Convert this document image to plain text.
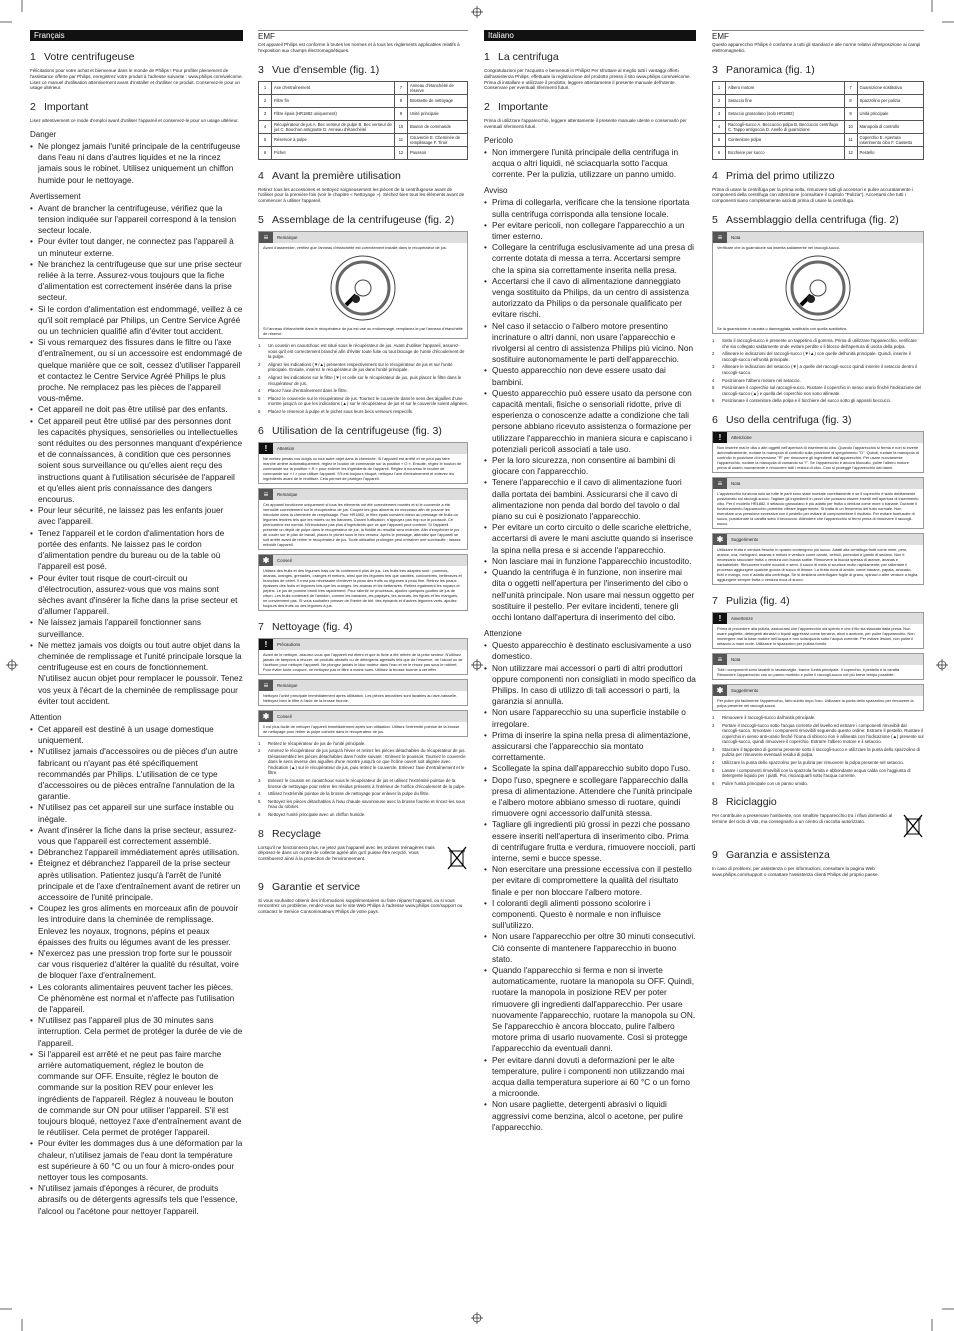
Français
1 Votre centrifugeuse

Félicitations pour votre achat et bienvenue dans le monde de Philips ! Pour profiter pleinement de l'assistance offerte par Philips, enregistrez votre produit à l'adresse suivante : www.philips.com/welcome. Lisez ce manuel d'utilisation attentivement avant d'installer et d'utiliser ce produit. Conservez-le pour un usage ultérieur.

2 Important

Lisez attentivement ce mode d'emploi avant d'utiliser l'appareil et conservez-le pour un usage ultérieur.

Danger
• Ne plongez jamais l'unité principale de la centrifugeuse dans l'eau ni dans d'autres liquides et ne la rincez jamais sous le robinet. Utilisez uniquement un chiffon humide pour le nettoyage.
Avertissement
• Avant de brancher la centrifugeuse, vérifiez que la tension indiquée sur l'appareil correspond à la tension secteur locale.
• Pour éviter tout danger, ne connectez pas l'appareil à un minuteur externe.
• Ne branchez la centrifugeuse que sur une prise secteur reliée à la terre. Assurez-vous toujours que la fiche d'alimentation est correctement insérée dans la prise secteur.
• Si le cordon d'alimentation est endommagé, veillez à ce qu'il soit remplacé par Philips, un Centre Service Agréé ou un technicien qualifié afin d'éviter tout accident.
• Si vous remarquez des fissures dans le filtre ou l'axe d'entraînement, ou si un accessoire est endommagé de quelque manière que ce soit, cessez d'utiliser l'appareil et contactez le Centre Service Agréé Philips le plus proche. Ne remplacez pas les pièces de l'appareil vous-même.
• Cet appareil ne doit pas être utilisé par des enfants.
• Cet appareil peut être utilisé par des personnes dont les capacités physiques, sensorielles ou intellectuelles sont réduites ou des personnes manquant d'expérience et de connaissances, à condition que ces personnes soient sous surveillance ou qu'elles aient reçu des instructions quant à l'utilisation sécurisée de l'appareil et qu'elles aient pris connaissance des dangers encourus.
• Pour leur sécurité, ne laissez pas les enfants jouer avec l'appareil.
• Tenez l'appareil et le cordon d'alimentation hors de portée des enfants. Ne laissez pas le cordon d'alimentation pendre du bureau ou de la table où l'appareil est posé.
• Pour éviter tout risque de court-circuit ou d'électrocution, assurez-vous que vos mains sont sèches avant d'insérer la fiche dans la prise secteur et d'allumer l'appareil.
• Ne laissez jamais l'appareil fonctionner sans surveillance.
• Ne mettez jamais vos doigts ou tout autre objet dans la cheminée de remplissage et l'unité principale lorsque la centrifugeuse est en cours de fonctionnement. N'utilisez aucun objet pour remplacer le poussoir. Tenez vos yeux à l'écart de la cheminée de remplissage pour éviter tout accident.
Attention
• Cet appareil est destiné à un usage domestique uniquement.
• N'utilisez jamais d'accessoires ou de pièces d'un autre fabricant ou n'ayant pas été spécifiquement recommandés par Philips. L'utilisation de ce type d'accessoires ou de pièces entraîne l'annulation de la garantie.
• N'utilisez pas cet appareil sur une surface instable ou inégale.
• Avant d'insérer la fiche dans la prise secteur, assurez-vous que l'appareil est correctement assemblé.
• Débranchez l'appareil immédiatement après utilisation.
• Éteignez et débranchez l'appareil de la prise secteur après utilisation. Patientez jusqu'à l'arrêt de l'unité principale et de l'axe d'entraînement avant de retirer un accessoire de l'unité principale.
• Coupez les gros aliments en morceaux afin de pouvoir les introduire dans la cheminée de remplissage. Enlevez les noyaux, trognons, pépins et peaux épaisses des fruits ou légumes avant de les presser.
• N'exercez pas une pression trop forte sur le poussoir car vous risqueriez d'altérer la qualité du résultat, voire de bloquer l'axe d'entraînement.
• Les colorants alimentaires peuvent tacher les pièces. Ce phénomène est normal et n'affecte pas l'utilisation de l'appareil.
• N'utilisez pas l'appareil plus de 30 minutes sans interruption. Cela permet de protéger la durée de vie de l'appareil.
• Si l'appareil est arrêté et ne peut pas faire marche arrière automatiquement, réglez le bouton de commande sur OFF. Ensuite, réglez le bouton de commande sur la position REV pour enlever les ingrédients de l'appareil. Réglez à nouveau le bouton de commande sur ON pour utiliser l'appareil. S'il est toujours bloqué, nettoyez l'axe d'entraînement avant de le réutiliser. Cela permet de protéger l'appareil.
• Pour éviter les dommages dus à une déformation par la chaleur, n'utilisez jamais de l'eau dont la température est supérieure à 60 °C ou un four à micro-ondes pour nettoyer tous les composants.
• N'utilisez jamais d'éponges à récurer, de produits abrasifs ou de détergents agressifs tels que l'essence, l'alcool ou l'acétone pour nettoyer l'appareil.
EMF

Cet appareil Philips est conforme à toutes les normes et à tous les règlements applicables relatifs à l'exposition aux champs électromagnétiques.

3 Vue d'ensemble (fig. 1)
1	Axe d'entraînement	7	Anneau d'étanchéité de réserve
2	Filtre fin	8	Brossette de nettoyage
3	Filtre épais (HR1882 uniquement)	9	Unité principale
4	Récupérateur de jus A. Bec verseur de pulpe B. Bec verseur de jus C. Bouchon antigoutte D. Anneau d'étanchéité	10	Bouton de commande
5	Réservoir à pulpe	11	Couvercle E. Cheminée de remplissage F. Tiroir
6	Pichet	12	Poussoir
4 Avant la première utilisation

Retirez tous les accessoires et nettoyez soigneusement les pièces de la centrifugeuse avant de l'utiliser pour la première fois (voir le chapitre « Nettoyage »). Séchez bien tous les éléments avant de commencer à utiliser l'appareil.

5 Assemblage de la centrifugeuse (fig. 2)
≡	Remarque
Avant d'assembler, vérifiez que l'anneau d'étanchéité est correctement installé dans le récupérateur de jus.
Si l'anneau d'étanchéité dans le récupérateur de jus est usé ou endommagé, remplacez-le par l'anneau d'étanchéité de réserve.
1 Un coussin en caoutchouc est situé sous le récupérateur de jus. Avant d'utiliser l'appareil, assurez-vous qu'il est correctement branché afin d'éviter toute fuite ou tout blocage de l'unité d'écoulement de la pulpe.
2 Alignez les indications (▼/▲) présentes respectivement sur le récupérateur de jus et sur l'unité principale. Ensuite, insérez le récupérateur de jus dans l'unité principale.
3 Alignez les indications sur le filtre (▼) et celle sur le récupérateur de jus, puis placez le filtre dans le récupérateur de jus.
4 Placez l'axe d'entraînement dans le filtre.
5 Placez le couvercle sur le récupérateur de jus. Tournez le couvercle dans le sens des aiguilles d'une montre jusqu'à ce que les indications (▲) sur le récupérateur de jus et sur le couvercle soient alignées.
6 Placez le réservoir à pulpe et le pichet sous leurs becs verseurs respectifs.
6 Utilisation de la centrifugeuse (fig. 3)
!	Attention
Ne mettez jamais vos doigts ou tout autre objet dans la cheminée. Si l'appareil est arrêté et ne peut pas faire marche arrière automatiquement, réglez le bouton de commande sur la position « O ». Ensuite, réglez le bouton de commande sur la position « R » pour enlever les ingrédients de l'appareil. Réglez à nouveau le bouton de commande sur « I » pour utiliser l'appareil. S'il est toujours bloqué, nettoyez l'axe d'entraînement et enlevez les ingrédients avant de le réutiliser. Cela permet de protéger l'appareil.
≡	Remarque
Cet appareil fonctionne uniquement si tous les éléments ont été correctement montés et si le couvercle a été verrouillé correctement sur le récupérateur de jus. Coupez les gros aliments en morceaux afin de pouvoir les introduire dans la cheminée de remplissage. Pour HR1882, le filtre épais convient mieux au pressage de fruits ou légumes tendres tels que les mûres ou les bananes. Durant l'utilisation, n'appuyez pas trop sur le poussoir. Ce phénomène est normal. N'introduisez pas plus d'ingrédients que ce que l'appareil peut contenir. Si l'appareil présente un dépôt de pulpe dans le récupérateur de jus, la fluidité du résultat sera moindre. Afin d'empêcher le jus de couler sur le plan de travail, placez le pichet sous le bec verseur. Après le pressage, attendez que l'appareil se soit arrêté avant de retirer le récupérateur de jus. Toute utilisation prolongée peut entraîner une surchauffe ; laissez refroidir l'appareil.
✱	Conseil
Utilisez des fruits et des légumes frais car ils contiennent plus de jus. Les fruits très adaptés sont : pommes, ananas, oranges, grenades, oranges et melons, ainsi que les légumes tels que carottes, concombres, betteraves et branches de céleri. Il n'est pas nécessaire d'enlever la peau des fruits ou légumes à peau fine. Retirez les peaux épaisses des fruits et légumes tels que les oranges, les ananas et les betteraves. Retirez également les noyaux et pépins. Le jus de pomme brunit très rapidement. Pour ralentir ce processus, ajoutez quelques gouttes de jus de citron. Les fruits contenant de l'amidon, comme les bananes, les papayes, les avocats, les figues et les mangues, ne conviennent pas. Si vous souhaitez presser de l'herbe de blé, des épinards et d'autres légumes verts, ajoutez toujours des fruits ou des légumes à jus.
7 Nettoyage (fig. 4)
!	Précautions
Avant de le nettoyer, assurez-vous que l'appareil est éteint et que la fiche a été retirée de la prise secteur. N'utilisez jamais de tampons à récurer, de produits abrasifs ou de détergents agressifs tels que de l'essence, de l'alcool ou de l'acétone pour nettoyer l'appareil. Ne plongez jamais le bloc moteur dans l'eau et ne le rincez pas sous le robinet. Pour éviter toute coupure, ne nettoyez pas le filtre à mains nues. Utilisez la brosse fournie à cet effet.
≡	Remarque
Nettoyez l'unité principale immédiatement après utilisation. Les pièces amovibles sont lavables au lave-vaisselle. Nettoyez bien le filtre à l'aide de la brosse fournie.
✱	Conseil
Il est plus facile de nettoyer l'appareil immédiatement après son utilisation. Utilisez l'extrémité pointue de la brosse de nettoyage pour retirer la pulpe coincée dans le récupérateur de jus.
1 Retirez le récupérateur de jus de l'unité principale.
2 Amenez le récupérateur de jus jusqu'à l'évier et retirez les pièces détachables du récupérateur de jus. Désassemblez les pièces détachables dans l'ordre suivant : Enlevez le poussoir. Tournez le couvercle dans le sens inverse des aiguilles d'une montre jusqu'à ce que l'icône ouvert soit alignée avec l'indication (▲) sur le récupérateur de jus, puis retirez le couvercle. Enlevez l'axe d'entraînement et le filtre.
3 Enlevez le coussin en caoutchouc sous le récupérateur de jus et utilisez l'extrémité pointue de la brosse de nettoyage pour retirer les résidus présents à l'intérieur de l'orifice d'écoulement de la pulpe.
4 Utilisez l'extrémité pointue de la brosse de nettoyage pour enlever la pulpe du filtre.
5 Nettoyez les pièces détachables à l'eau chaude savonneuse avec la brosse fournie et rincez-les sous l'eau du robinet.
6 Nettoyez l'unité principale avec un chiffon humide.
8 Recyclage

Lorsqu'il ne fonctionnera plus, ne jetez pas l'appareil avec les ordures ménagères mais déposez-le dans un centre de collecte agréé afin qu'il puisse être recyclé. Vous contribuerez ainsi à la protection de l'environnement.

9 Garantie et service

Si vous souhaitez obtenir des informations supplémentaires ou faire réparer l'appareil, ou si vous rencontrez un problème, rendez-vous sur le site Web Philips à l'adresse www.philips.com/support ou contactez le Service Consommateurs Philips de votre pays.

Italiano
1 La centrifuga

Congratulazioni per l'acquisto e benvenuti in Philips! Per sfruttare al meglio tutti i vantaggi offerti dall'assistenza Philips, effettuate la registrazione del prodotto presso il sito www.philips.com/welcome. Prima di installare e utilizzare il prodotto, leggere attentamente il presente manuale dell'utente. Conservare per eventuali riferimenti futuri.

2 Importante

Prima di utilizzare l'apparecchio, leggere attentamente il presente manuale utente e conservarlo per eventuali riferimenti futuri.

Pericolo
• Non immergere l'unità principale della centrifuga in acqua o altri liquidi, né sciacquarla sotto l'acqua corrente. Per la pulizia, utilizzare un panno umido.
Avviso
• Prima di collegarla, verificare che la tensione riportata sulla centrifuga corrisponda alla tensione locale.
• Per evitare pericoli, non collegare l'apparecchio a un timer esterno.
• Collegare la centrifuga esclusivamente ad una presa di corrente dotata di messa a terra. Accertarsi sempre che la spina sia correttamente inserita nella presa.
• Accertarsi che il cavo di alimentazione danneggiato venga sostituito da Philips, da un centro di assistenza autorizzato da Philips o da personale qualificato per evitare rischi.
• Nel caso il setaccio o l'albero motore presentino incrinature o altri danni, non usare l'apparecchio e rivolgersi al centro di assistenza Philips più vicino. Non sostituire autonomamente le parti dell'apparecchio.
• Questo apparecchio non deve essere usato dai bambini.
• Questo apparecchio può essere usato da persone con capacità mentali, fisiche o sensoriali ridotte, prive di esperienza o conoscenze adatte a condizione che tali persone abbiano ricevuto assistenza o formazione per utilizzare l'apparecchio in maniera sicura e capiscano i potenziali pericoli associati a tale uso.
• Per la loro sicurezza, non consentire ai bambini di giocare con l'apparecchio.
• Tenere l'apparecchio e il cavo di alimentazione fuori dalla portata dei bambini. Assicurarsi che il cavo di alimentazione non penda dal bordo del tavolo o dal piano su cui è posizionato l'apparecchio.
• Per evitare un corto circuito o delle scariche elettriche, accertarsi di avere le mani asciutte quando si inserisce la spina nella presa e si accende l'apparecchio.
• Non lasciare mai in funzione l'apparecchio incustodito.
• Quando la centrifuga è in funzione, non inserire mai dita o oggetti nell'apertura per l'inserimento del cibo o nell'unità principale. Non usare mai nessun oggetto per sostituire il pestello. Per evitare incidenti, tenere gli occhi lontano dall'apertura di inserimento del cibo.
Attenzione
• Questo apparecchio è destinato esclusivamente a uso domestico.
• Non utilizzare mai accessori o parti di altri produttori oppure componenti non consigliati in modo specifico da Philips. In caso di utilizzo di tali accessori o parti, la garanzia si annulla.
• Non usare l'apparecchio su una superficie instabile o irregolare.
• Prima di inserire la spina nella presa di alimentazione, assicurarsi che l'apparecchio sia montato correttamente.
• Scollegate la spina dall'apparecchio subito dopo l'uso.
• Dopo l'uso, spegnere e scollegare l'apparecchio dalla presa di alimentazione. Attendere che l'unità principale e l'albero motore abbiano smesso di ruotare, quindi rimuovere ogni accessorio dall'unità stessa.
• Tagliare gli ingredienti più grossi in pezzi che possano essere inseriti nell'apertura di inserimento cibo. Prima di centrifugare frutta e verdura, rimuovere noccioli, parti interne, semi e bucce spesse.
• Non esercitare una pressione eccessiva con il pestello per evitare di compromettere la qualità del risultato finale e per non bloccare l'albero motore.
• I coloranti degli alimenti possono scolorire i componenti. Questo è normale e non influisce sull'utilizzo.
• Non usare l'apparecchio per oltre 30 minuti consecutivi. Ciò consente di mantenere l'apparecchio in buono stato.
• Quando l'apparecchio si ferma e non si inverte automaticamente, ruotare la manopola su OFF. Quindi, ruotare la manopola in posizione REV per poter rimuovere gli ingredienti dall'apparecchio. Per usare nuovamente l'apparecchio, ruotare la manopola su ON. Se l'apparecchio è ancora bloccato, pulire l'albero motore prima di usarlo nuovamente. Così si protegge l'apparecchio da eventuali danni.
• Per evitare danni dovuti a deformazioni per le alte temperature, pulire i componenti non utilizzando mai acqua dalla temperatura superiore ai 60 °C o un forno a microonde.
• Non usare pagliette, detergenti abrasivi o liquidi aggressivi come benzina, alcol o acetone, per pulire l'apparecchio.
EMF

Questo apparecchio Philips è conforme a tutti gli standard e alle norme relativi all'esposizione ai campi elettromagnetici.

3 Panoramica (fig. 1)
1	Albero motore	7	Guarnizione sostitutiva
2	Setaccio fine	8	Spazzolino per pulizia
3	Setaccio grossolano (solo HR1882)	9	Unità principale
4	Raccogli-succo A. Beccuccio polpa B. Beccuccio centrifuga C. Tappo antigoccia D. Anello di guarnizione	10	Manopola di controllo
5	Contenitore polpa	11	Coperchio E. Apertura inserimento cibo F. Cassetto
6	Bicchiere per succo	12	Pestello
4 Prima del primo utilizzo

Prima di usare la centrifuga per la prima volta, rimuovere tutti gli accessori e pulire accuratamente i componenti della centrifuga con attenzione (consultare il capitolo "Pulizia"). Accertarsi che tutti i componenti siano completamente asciutti prima di usare la centrifuga.

5 Assemblaggio della centrifuga (fig. 2)
≡	Nota
Verificare che la guarnizione sia inserita saldamente nel raccogli-succo.
Se la guarnizione è usurata o danneggiata, sostituirla con quella sostitutiva.
1 Sotto il raccogli-succo è presente un tappetino di gomma. Prima di utilizzare l'apparecchio, verificare che sia collegato saldamente onde evitare perdite o il blocco dell'apertura di uscita della polpa.
2 Allineare le indicazioni del raccogli-succo (▼/▲) con quelle dell'unità principale. Quindi, inserire il raccogli-succo nell'unità principale.
3 Allineare le indicazioni del setaccio (▼) a quelle del raccogli-succo quindi inserire il setaccio dentro il raccogli-succo.
4 Posizionare l'albero motore nel setaccio.
5 Posizionare il coperchio sul raccogli-succo. Ruotare il coperchio in senso orario finché l'indicazione del raccogli-succo (▲) e quella del coperchio non sono allineate.
6 Posizionare il contenitore della polpa e il bicchiere del succo sotto gli appositi beccucci.
6 Uso della centrifuga (fig. 3)
!	Attenzione
Non inserire mai le dita o altri oggetti nell'apertura di inserimento cibo. Quando l'apparecchio si ferma e non si inverte automaticamente, ruotare la manopola di controllo sulla posizione di spegnimento "O". Quindi, ruotare la manopola di controllo in posizione di inversione "R" per rimuovere gli ingredienti dall'apparecchio. Per usare nuovamente l'apparecchio, ruotare la manopola di comando su "I". Se l'apparecchio è ancora bloccato, pulire l'albero motore prima di usarlo nuovamente e rimuovere tutti i residui di cibo. Così si protegge l'apparecchio dai danni.
≡	Nota
L'apparecchio funziona solo se tutte le parti sono state montate correttamente e se il coperchio è stato debitamente posizionato sul raccogli-succo. Tagliare gli ingredienti in pezzi che possano essere inseriti nell'apertura di inserimento cibo. Per il modello HR1882, il setaccio grossolano è più adatto per frutta o verdura come more o banane. Durante il funzionamento l'apparecchio potrebbe vibrare leggermente. Si tratta di un fenomeno del tutto normale. Non esercitare una pressione eccessiva con il pestello per evitare di compromettere il risultato. Per evitare fuoriuscite di succo, posizionare la caraffa sotto il beccuccio. Attendere che l'apparecchio si fermi prima di rimuovere il raccogli-succo.
✱	Suggerimento
Utilizzare frutta e verdura fresche in quanto contengono più succo. Adatti alla centrifuga frutti come mele, pere, arance, uva, melograni, ananas e meloni e verdure come carote, cetrioli, pomodori e gambi di sedano. Non è necessario sbucciare frutta o verdura con buccia sottile. Rimuovere la buccia spessa di arance, ananas e barbabietole. Rimuovere inoltre noccioli e semi. Il succo di mela si scurisce molto rapidamente; per rallentare il processo aggiungere qualche goccia di succo di limone. La frutta ricca di amido, come banane, papaia, avocado, fichi e mango, non è adatta alla centrifuga. Se si desidera centrifugare foglie di grano, spinaci o altre verdure a foglia, aggiungere sempre frutta o verdura ricca di succo.
7 Pulizia (fig. 4)
!	Avvertenze
Prima di procedere alla pulizia, assicurarsi che l'apparecchio sia spento e che il filo sia staccato dalla presa. Non usare pagliette, detergenti abrasivi o liquidi aggressivi come benzina, alcol o acetone, per pulire l'apparecchio. Non immergere mai la base motore nell'acqua e non sciacquarla sotto l'acqua corrente. Per evitare lesioni, non pulire il setaccio a mani nude. Utilizzare lo spazzolino per pulizia fornito.
≡	Nota
Tutti i componenti sono lavabili in lavastoviglie, tranne l'unità principale. Il coperchio, il pestello e la caraffa. Rimuovere l'apparecchio con un panno morbido e pulire il raccogli-succo nel più breve tempo possibile.
✱	Suggerimento
Per pulire più facilmente l'apparecchio, farlo subito dopo l'uso. Utilizzare la punta dello spazzolino per rimuovere la polpa presente nel raccogli-succo.
1 Rimuovere il raccogli-succo dall'unità principale.
2 Portare il raccogli-succo sotto l'acqua corrente del lavello ed estrarre i componenti rimovibili dal raccogli-succo. Smontare i componenti rimovibili seguendo questo ordine: Estrarre il pestello. Ruotare il coperchio in senso anti-orario finché l'icona di sblocco non è allineata con l'indicazione (▲) presente sul raccogli-succo, quindi rimuovere il coperchio. Estrarre l'albero motore e il setaccio.
3 Staccare il tappetino di gomma presente sotto il raccogli-succo e utilizzare la punta dello spazzolino di pulizia per rimuovere eventuali residui di polpa.
4 Utilizzare la punta dello spazzolino per la pulizia per rimuovere la polpa presente nel setaccio.
5 Lavare i componenti rimovibili con la spazzola fornita e abbondante acqua calda con l'aggiunta di detergente liquido per i piatti. Poi, risciacquarli sotto l'acqua corrente.
6 Pulire l'unità principale con un panno umido.
8 Riciclaggio

Per contribuire a preservare l'ambiente, non smaltire l'apparecchio tra i rifiuti domestici al termine del ciclo di vita, ma consegnarlo a un centro di raccolta autorizzato.

9 Garanzia e assistenza

In caso di problemi, per assistenza o per informazioni, consultare la pagina Web www.philips.com/support o contattare l'assistenza clienti Philips del proprio paese.
